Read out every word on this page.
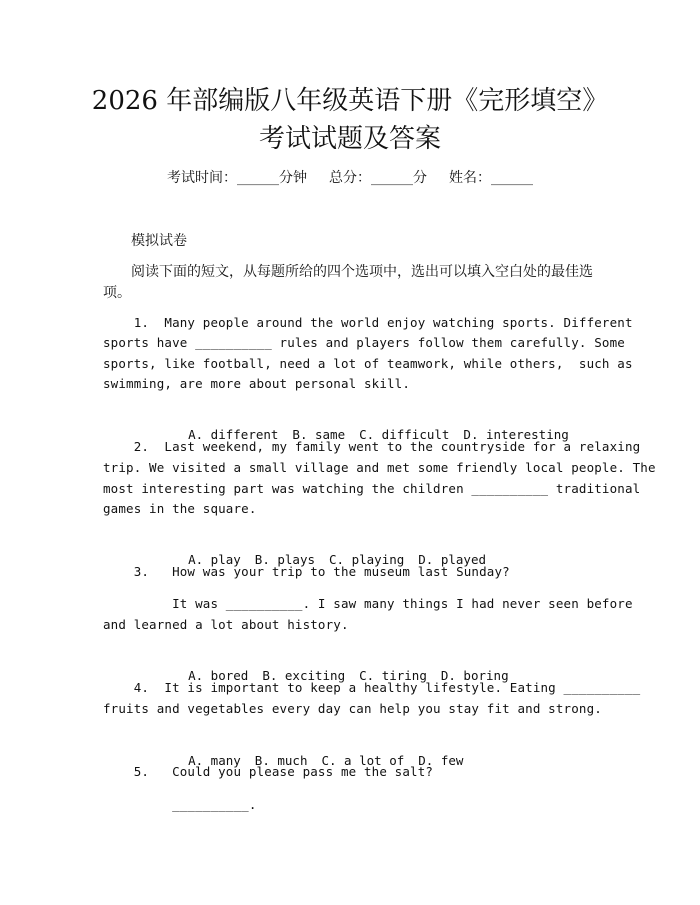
2026 年部编版八年级英语下册《完形填空》
考试试题及答案
考试时间：______分钟 总分：______分 姓名：______
模拟试卷
阅读下面的短文，从每题所给的四个选项中，选出可以填入空白处的最佳选
项。
1.  Many people around the world enjoy watching sports. Different
sports have __________ rules and players follow them carefully. Some
sports, like football, need a lot of teamwork, while others,  such as
swimming, are more about personal skill.

A. different B. same C. difficult D. interesting

2.  Last weekend, my family went to the countryside for a relaxing
trip. We visited a small village and met some friendly local people. The
most interesting part was watching the children __________ traditional
games in the square.

A. play B. plays C. playing D. played

3.   How was your trip to the museum last Sunday?
It was __________. I saw many things I had never seen before
and learned a lot about history.

A. bored B. exciting C. tiring D. boring

4.  It is important to keep a healthy lifestyle. Eating __________
fruits and vegetables every day can help you stay fit and strong.

A. many B. much C. a lot of D. few

5.   Could you please pass me the salt?
__________.
